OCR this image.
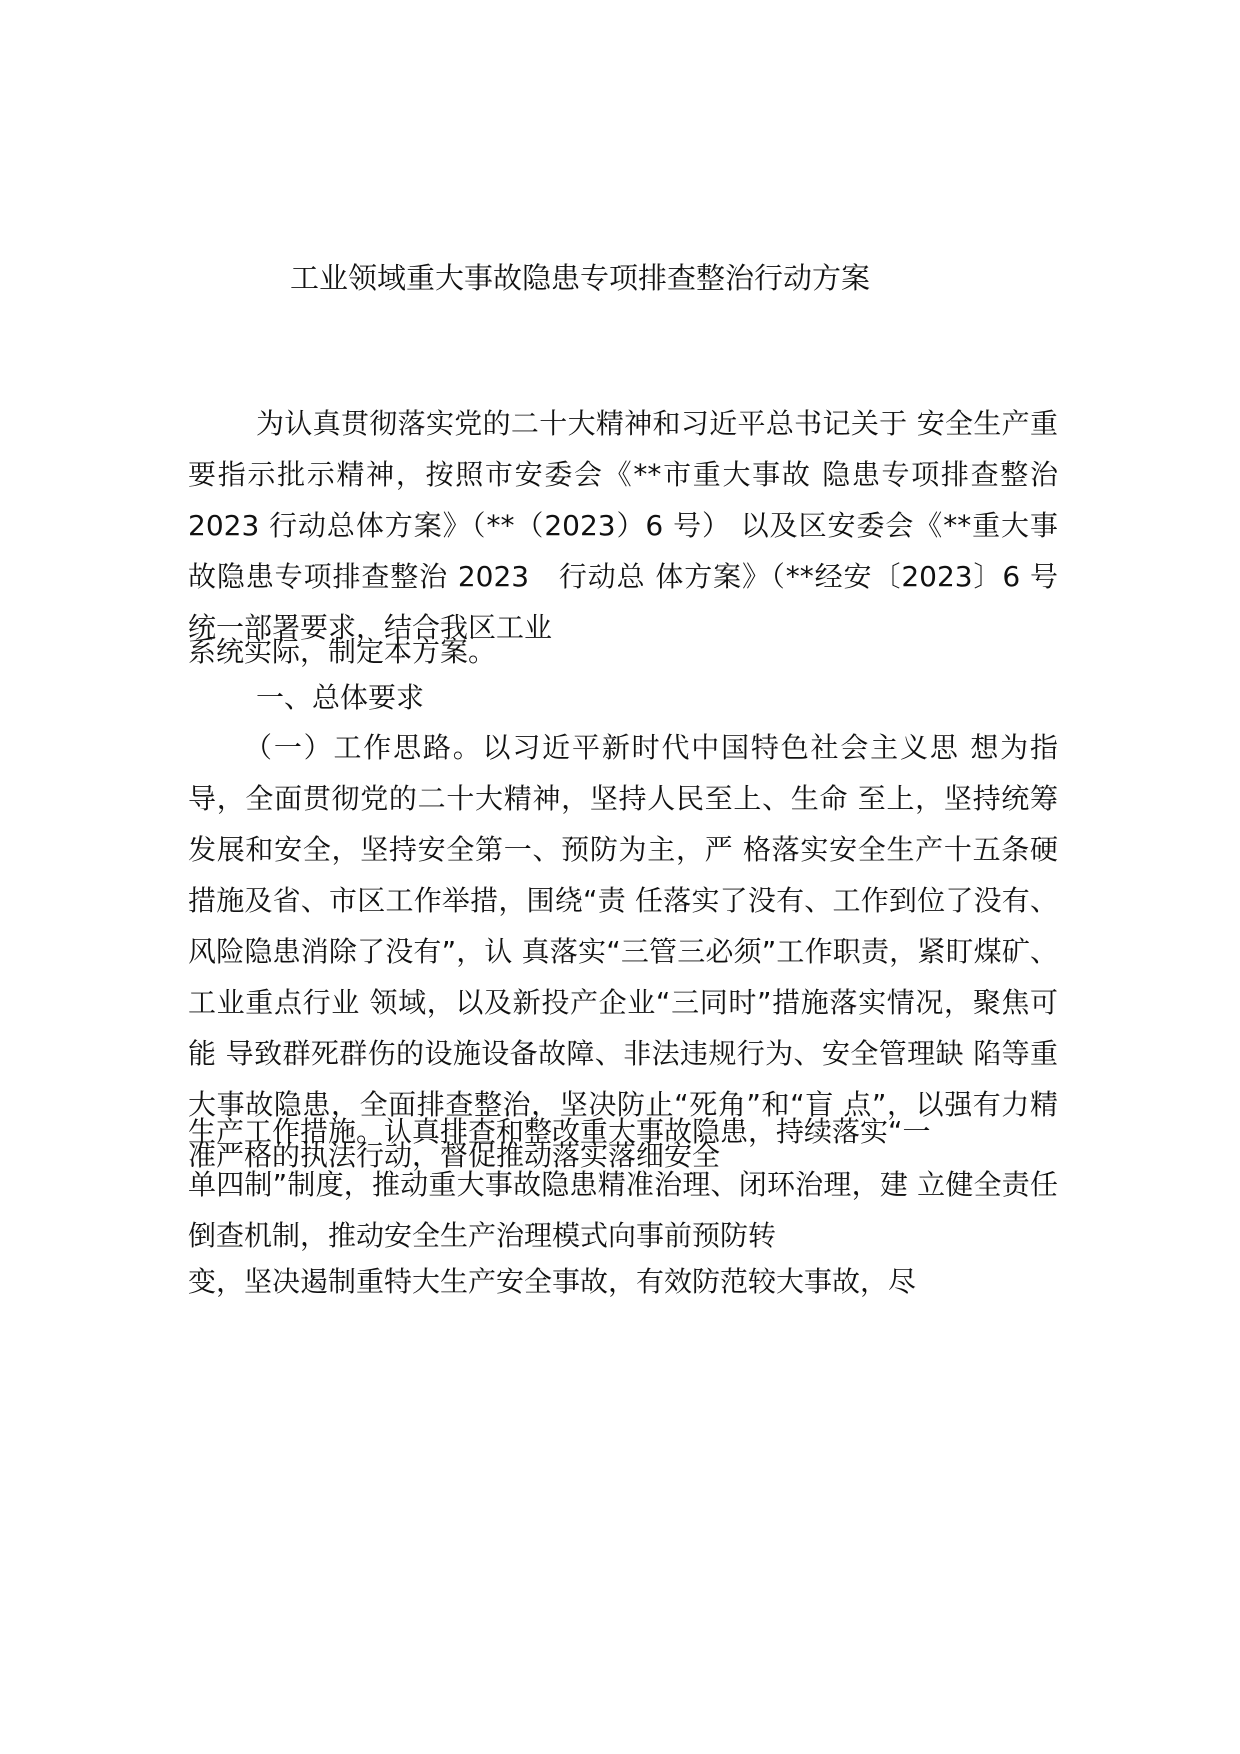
工业领域重大事故隐患专项排查整治行动方案
为认真贯彻落实党的二十大精神和习近平总书记关于 安全生产重要指示批示精神，按照市安委会《**市重大事故 隐患专项排查整治 2023 行动总体方案》（**（2023）6 号） 以及区安委会《**重大事故隐患专项排查整治 2023　行动总 体方案》（**经安〔2023〕6 号统一部署要求，结合我区工业
系统实际，制定本方案。
一、总体要求
（一）工作思路。以习近平新时代中国特色社会主义思 想为指导，全面贯彻党的二十大精神，坚持人民至上、生命 至上，坚持统筹发展和安全，坚持安全第一、预防为主，严 格落实安全生产十五条硬措施及省、市区工作举措，围绕“责 任落实了没有、工作到位了没有、风险隐患消除了没有”，认 真落实“三管三必须”工作职责，紧盯煤矿、工业重点行业 领域，以及新投产企业“三同时”措施落实情况，聚焦可能 导致群死群伤的设施设备故障、非法违规行为、安全管理缺 陷等重大事故隐患，全面排查整治，坚决防止“死角”和“盲 点”，以强有力精准严格的执法行动，督促推动落实落细安全
生产工作措施。认真排查和整改重大事故隐患，持续落实“一
单四制”制度，推动重大事故隐患精准治理、闭环治理，建 立健全责任倒查机制，推动安全生产治理模式向事前预防转
变，坚决遏制重特大生产安全事故，有效防范较大事故，尽
